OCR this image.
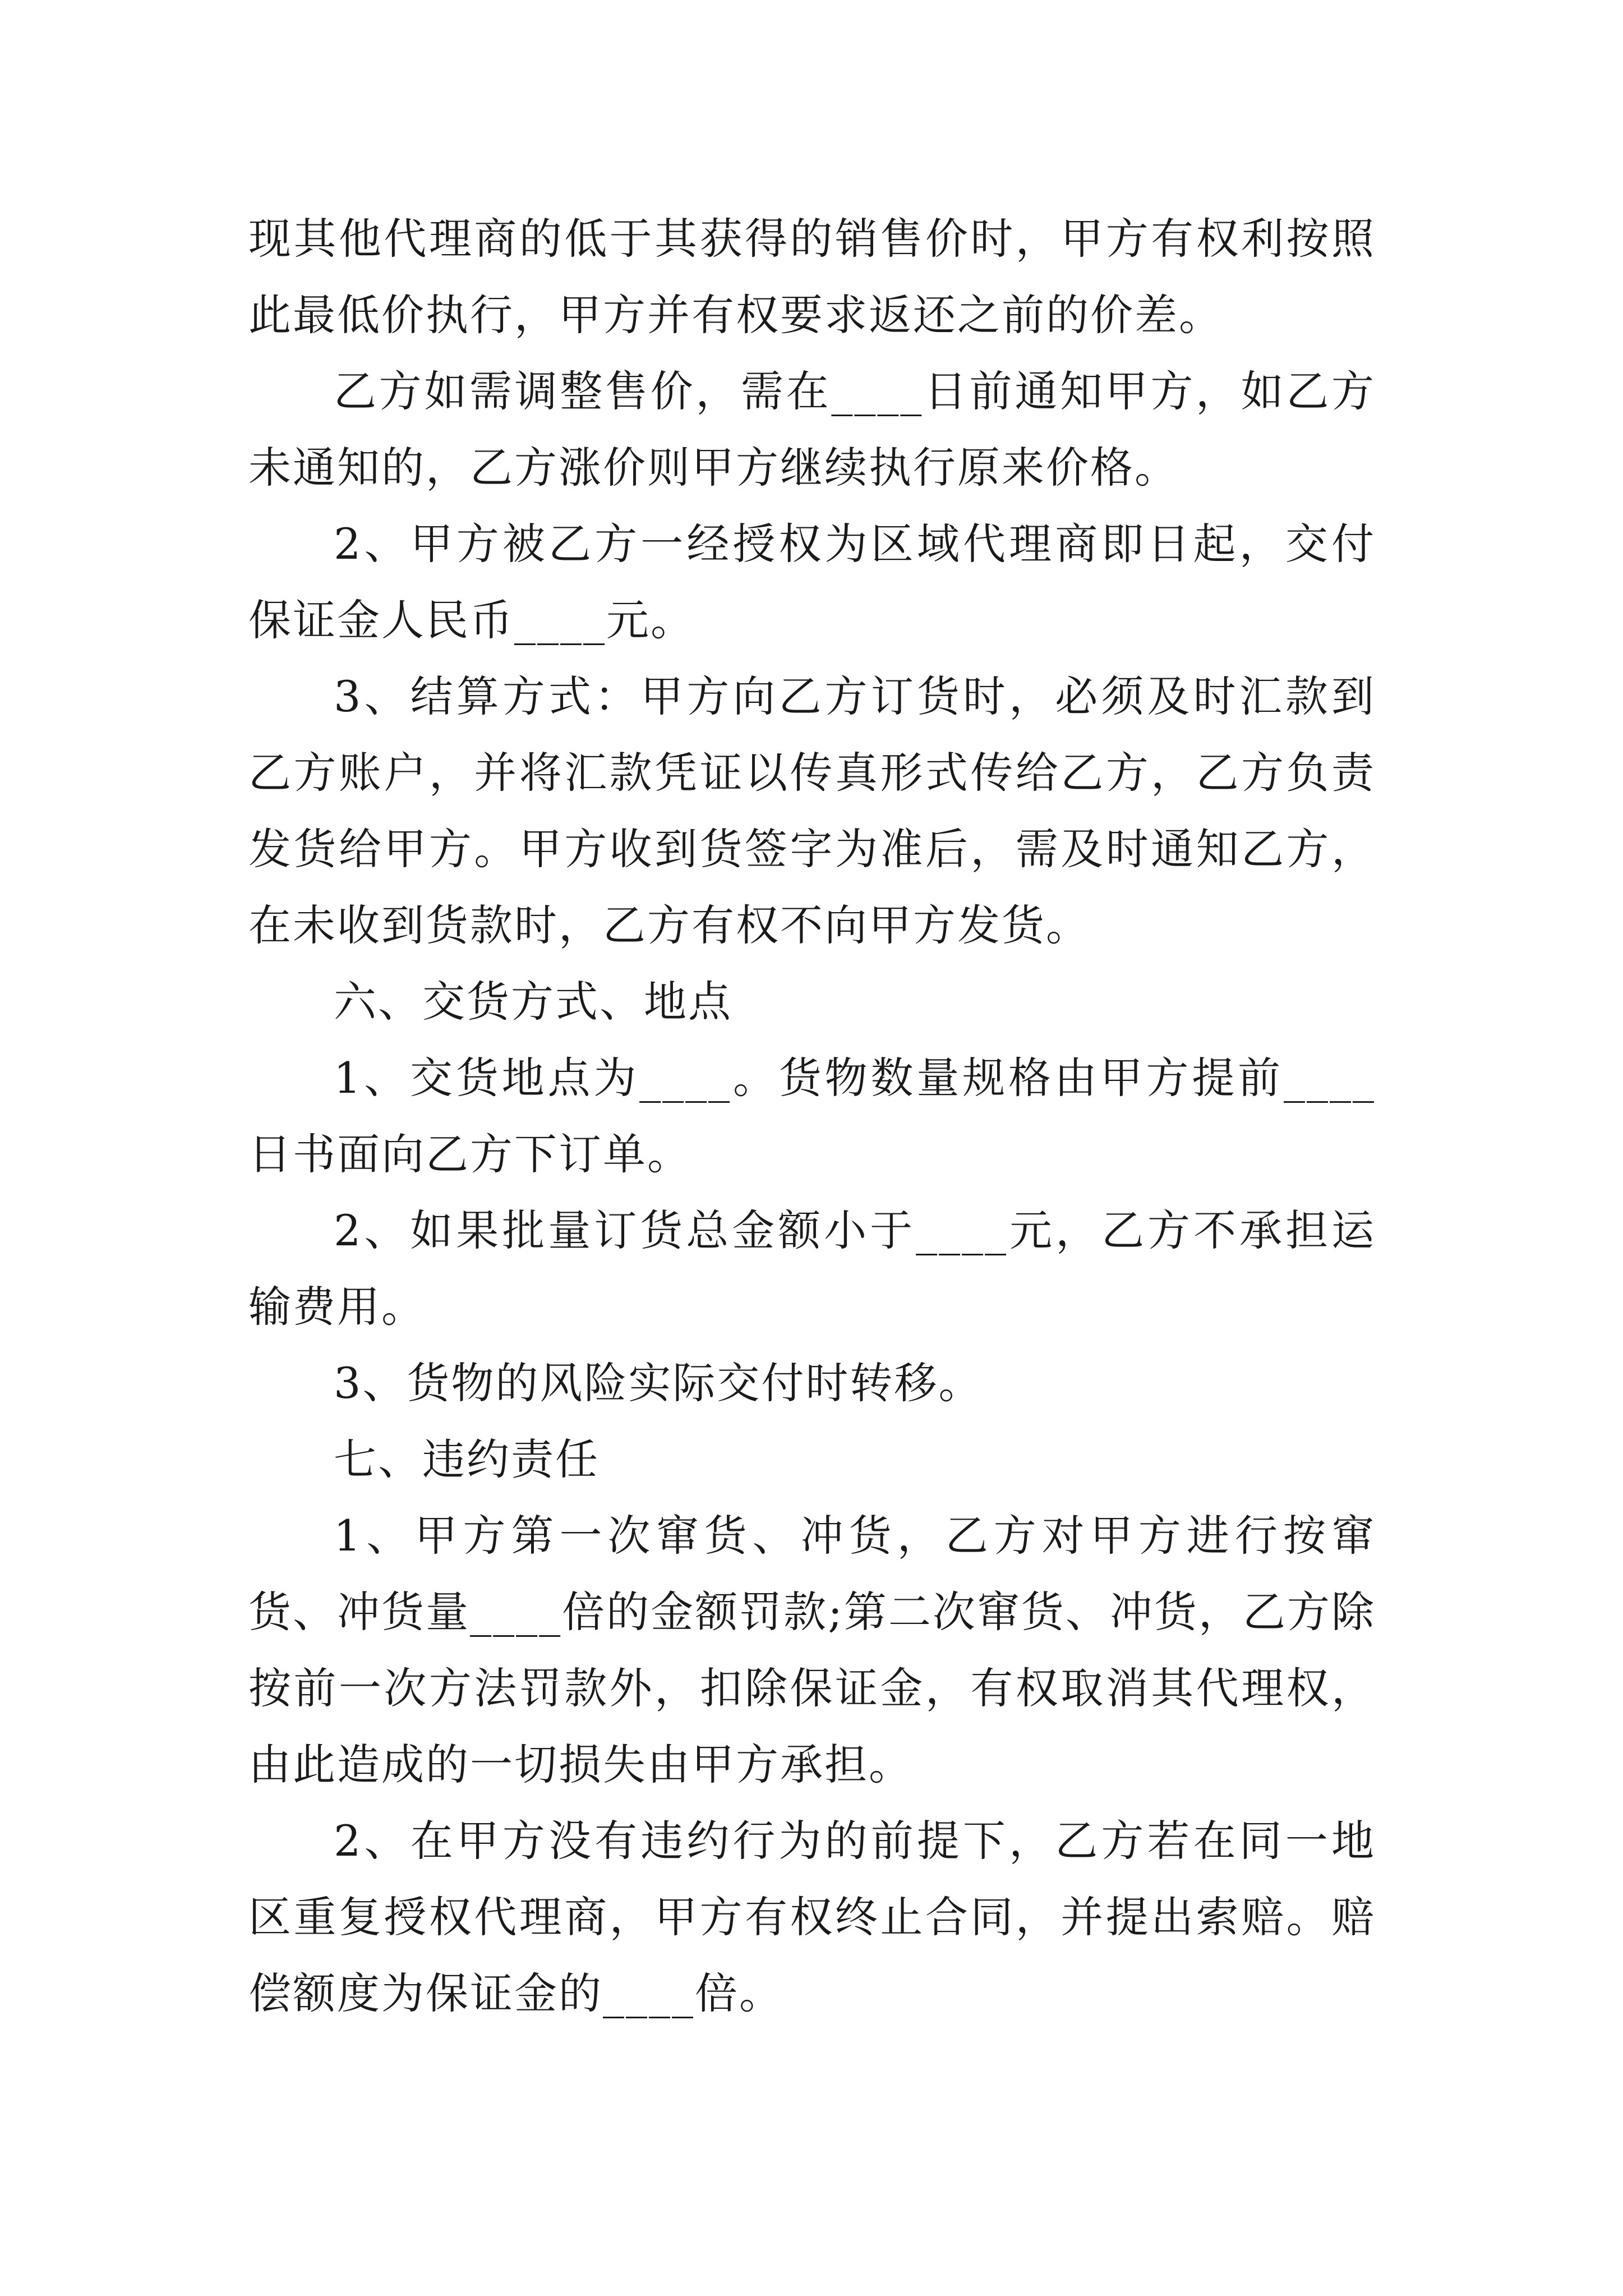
现其他代理商的低于其获得的销售价时，甲方有权利按照此最低价执行，甲方并有权要求返还之前的价差。

乙方如需调整售价，需在____日前通知甲方，如乙方未通知的，乙方涨价则甲方继续执行原来价格。

2、甲方被乙方一经授权为区域代理商即日起，交付保证金人民币____元。

3、结算方式：甲方向乙方订货时，必须及时汇款到乙方账户，并将汇款凭证以传真形式传给乙方，乙方负责发货给甲方。甲方收到货签字为准后，需及时通知乙方，在未收到货款时，乙方有权不向甲方发货。

六、交货方式、地点

1、交货地点为____。货物数量规格由甲方提前____日书面向乙方下订单。

2、如果批量订货总金额小于____元，乙方不承担运输费用。

3、货物的风险实际交付时转移。

七、违约责任

1、甲方第一次窜货、冲货，乙方对甲方进行按窜货、冲货量____倍的金额罚款;第二次窜货、冲货，乙方除按前一次方法罚款外，扣除保证金，有权取消其代理权，由此造成的一切损失由甲方承担。

2、在甲方没有违约行为的前提下，乙方若在同一地区重复授权代理商，甲方有权终止合同，并提出索赔。赔偿额度为保证金的____倍。
